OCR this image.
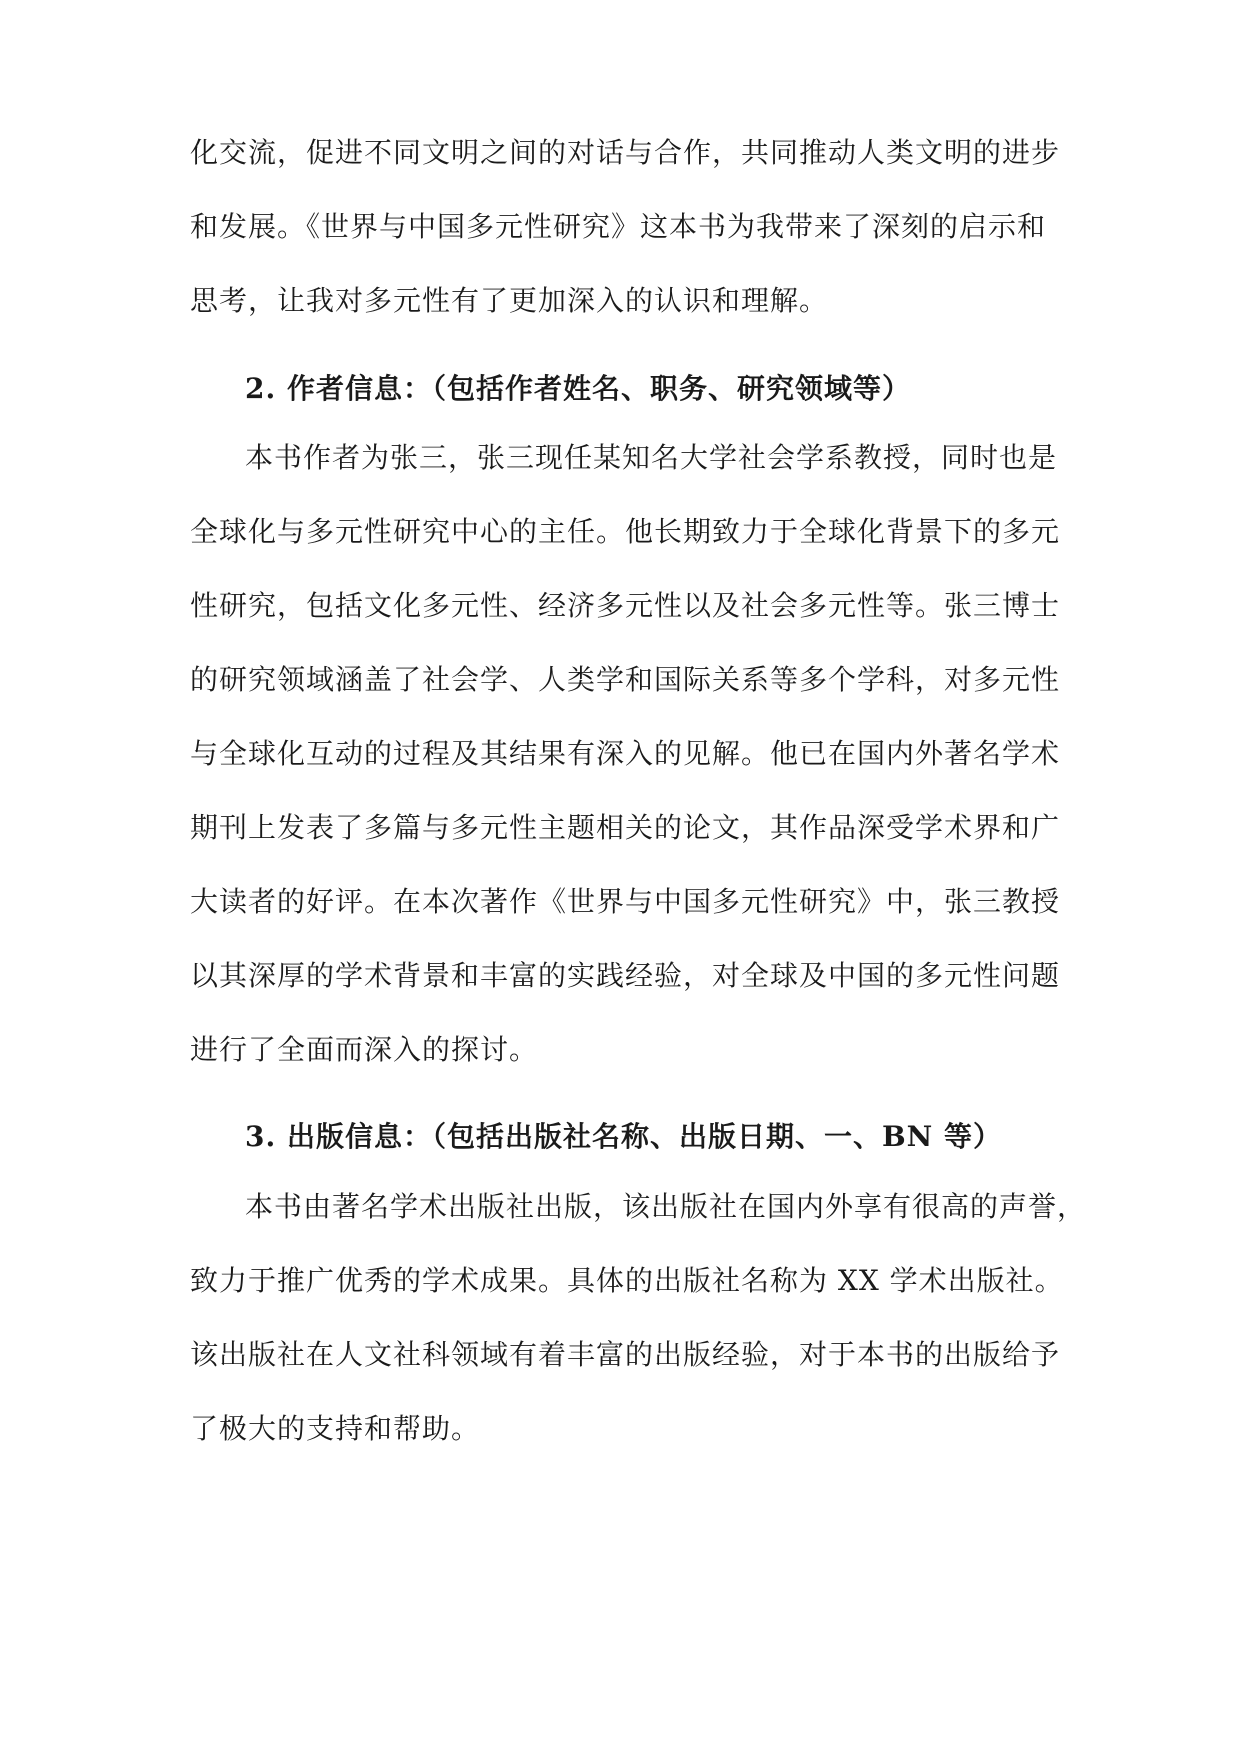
化交流，促进不同文明之间的对话与合作，共同推动人类文明的进步
和发展。《世界与中国多元性研究》这本书为我带来了深刻的启示和
思考，让我对多元性有了更加深入的认识和理解。
2. 作者信息：（包括作者姓名、职务、研究领域等）
本书作者为张三，张三现任某知名大学社会学系教授，同时也是
全球化与多元性研究中心的主任。他长期致力于全球化背景下的多元
性研究，包括文化多元性、经济多元性以及社会多元性等。张三博士
的研究领域涵盖了社会学、人类学和国际关系等多个学科，对多元性
与全球化互动的过程及其结果有深入的见解。他已在国内外著名学术
期刊上发表了多篇与多元性主题相关的论文，其作品深受学术界和广
大读者的好评。在本次著作《世界与中国多元性研究》中，张三教授
以其深厚的学术背景和丰富的实践经验，对全球及中国的多元性问题
进行了全面而深入的探讨。
3. 出版信息：（包括出版社名称、出版日期、一、BN 等）
本书由著名学术出版社出版，该出版社在国内外享有很高的声誉，
致力于推广优秀的学术成果。具体的出版社名称为 XX 学术出版社。
该出版社在人文社科领域有着丰富的出版经验，对于本书的出版给予
了极大的支持和帮助。
